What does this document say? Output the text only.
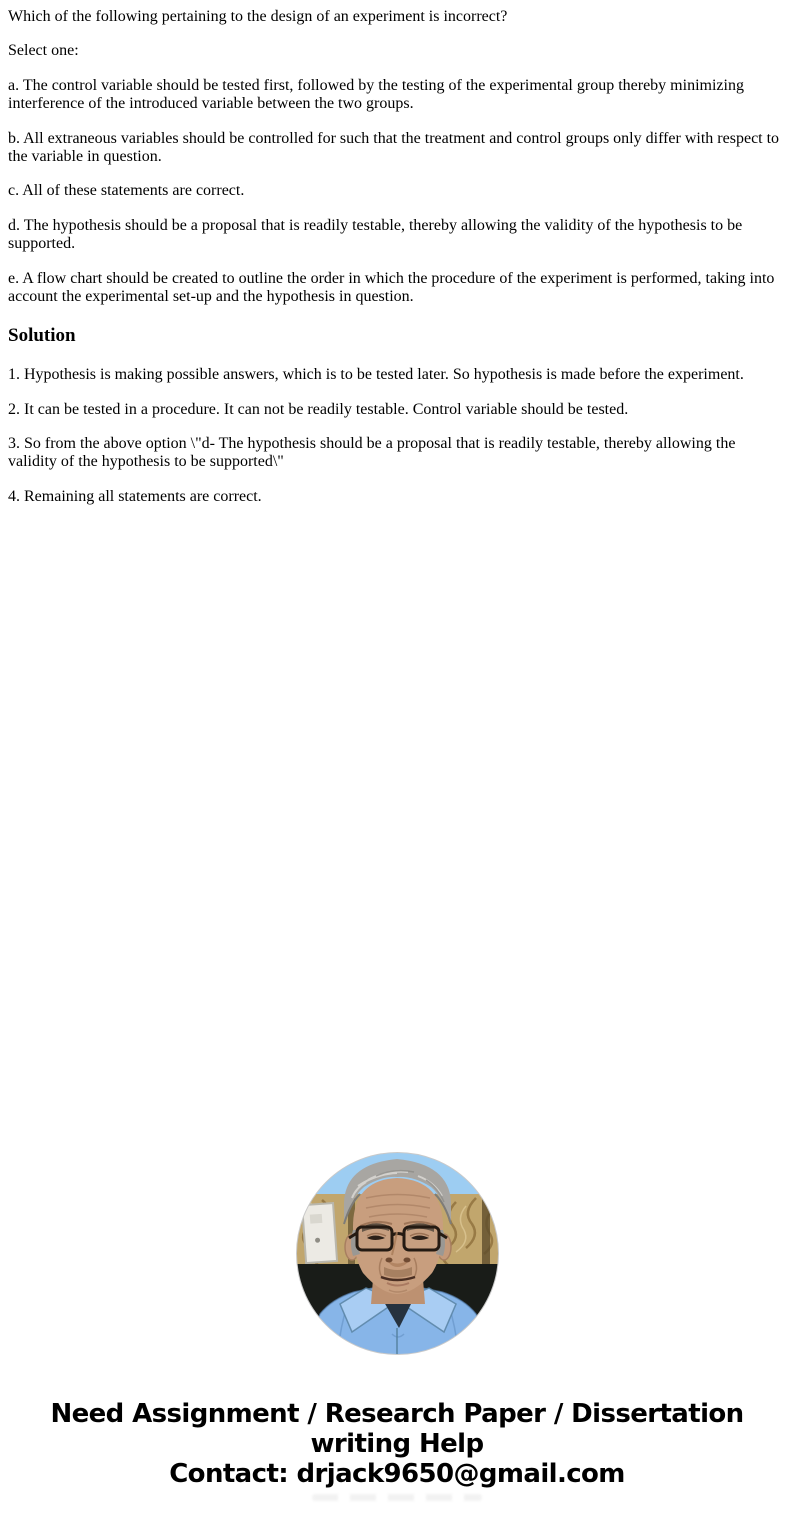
Which of the following pertaining to the design of an experiment is incorrect?

Select one:

a. The control variable should be tested first, followed by the testing of the experimental group thereby minimizing interference of the introduced variable between the two groups.

b. All extraneous variables should be controlled for such that the treatment and control groups only differ with respect to the variable in question.

c. All of these statements are correct.

d. The hypothesis should be a proposal that is readily testable, thereby allowing the validity of the hypothesis to be supported.

e. A flow chart should be created to outline the order in which the procedure of the experiment is performed, taking into account the experimental set-up and the hypothesis in question.

Solution

1. Hypothesis is making possible answers, which is to be tested later. So hypothesis is made before the experiment.

2. It can be tested in a procedure. It can not be readily testable. Control variable should be tested.

3. So from the above option \"d- The hypothesis should be a proposal that is readily testable, thereby allowing the validity of the hypothesis to be supported\"

4. Remaining all statements are correct.

Need Assignment / Research Paper / Dissertation
writing Help
Contact: drjack9650@gmail.com
